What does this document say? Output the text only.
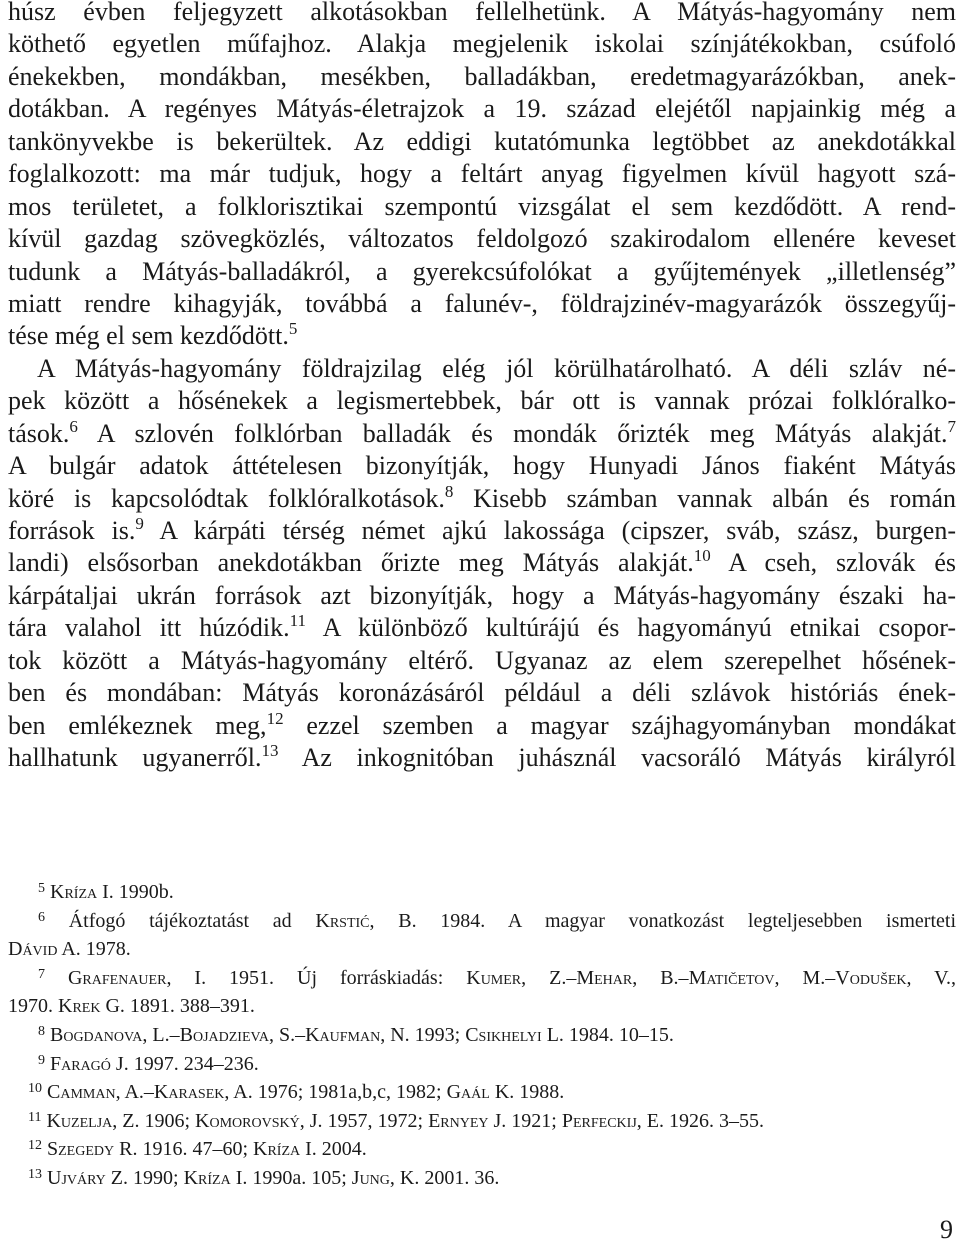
húsz évben feljegyzett alkotásokban fellelhetünk. A Mátyás-hagyomány nem
köthető egyetlen műfajhoz. Alakja megjelenik iskolai színjátékokban, csúfoló
énekekben, mondákban, mesékben, balladákban, eredetmagyarázókban, anek-
dotákban. A regényes Mátyás-életrajzok a 19. század elejétől napjainkig még a
tankönyvekbe is bekerültek. Az eddigi kutatómunka legtöbbet az anekdotákkal
foglalkozott: ma már tudjuk, hogy a feltárt anyag figyelmen kívül hagyott szá-
mos területet, a folklorisztikai szempontú vizsgálat el sem kezdődött. A rend-
kívül gazdag szövegközlés, változatos feldolgozó szakirodalom ellenére keveset
tudunk a Mátyás-balladákról, a gyerekcsúfolókat a gyűjtemények „illetlenség”
miatt rendre kihagyják, továbbá a falunév-, földrajzinév-magyarázók összegyűj-
tése még el sem kezdődött.$^5$
A Mátyás-hagyomány földrajzilag elég jól körülhatárolható. A déli szláv né-
pek között a hősénekek a legismertebbek, bár ott is vannak prózai folklóralko-
tások.$^6$ A szlovén folklórban balladák és mondák őrizték meg Mátyás alakját.$^7$
A bulgár adatok áttételesen bizonyítják, hogy Hunyadi János fiaként Mátyás
köré is kapcsolódtak folklóralkotások.$^8$ Kisebb számban vannak albán és román
források is.$^9$ A kárpáti térség német ajkú lakossága (cipszer, sváb, szász, burgen-
landi) elsősorban anekdotákban őrizte meg Mátyás alakját.$^{10}$ A cseh, szlovák és
kárpátaljai ukrán források azt bizonyítják, hogy a Mátyás-hagyomány északi ha-
tára valahol itt húzódik.$^{11}$ A különböző kultúrájú és hagyományú etnikai csopor-
tok között a Mátyás-hagyomány eltérő. Ugyanaz az elem szerepelhet hősének-
ben és mondában: Mátyás koronázásáról például a déli szlávok históriás ének-
ben emlékeznek meg,$^{12}$ ezzel szemben a magyar szájhagyományban mondákat
hallhatunk ugyanerről.$^{13}$ Az inkognitóban juhásznál vacsoráló Mátyás királyról
$^5$ Kríza I. 1990b.
$^6$ Átfogó tájékoztatást ad Krstić, B. 1984. A magyar vonatkozást legteljesebben ismerteti
Dávid A. 1978.
$^7$ Grafenauer, I. 1951. Új forráskiadás: Kumer, Z.–Mehar, B.–Matičetov, M.–Vodušek, V.,
1970. Krek G. 1891. 388–391.
$^8$ Bogdanova, L.–Bojadzieva, S.–Kaufman, N. 1993; Csikhelyi L. 1984. 10–15.
$^9$ Faragó J. 1997. 234–236.
$^{10}$ Camman, A.–Karasek, A. 1976; 1981a,b,c, 1982; Gaál K. 1988.
$^{11}$ Kuzelja, Z. 1906; Komorovský, J. 1957, 1972; Ernyey J. 1921; Perfeckij, E. 1926. 3–55.
$^{12}$ Szegedy R. 1916. 47–60; Kríza I. 2004.
$^{13}$ Ujváry Z. 1990; Kríza I. 1990a. 105; Jung, K. 2001. 36.
9
